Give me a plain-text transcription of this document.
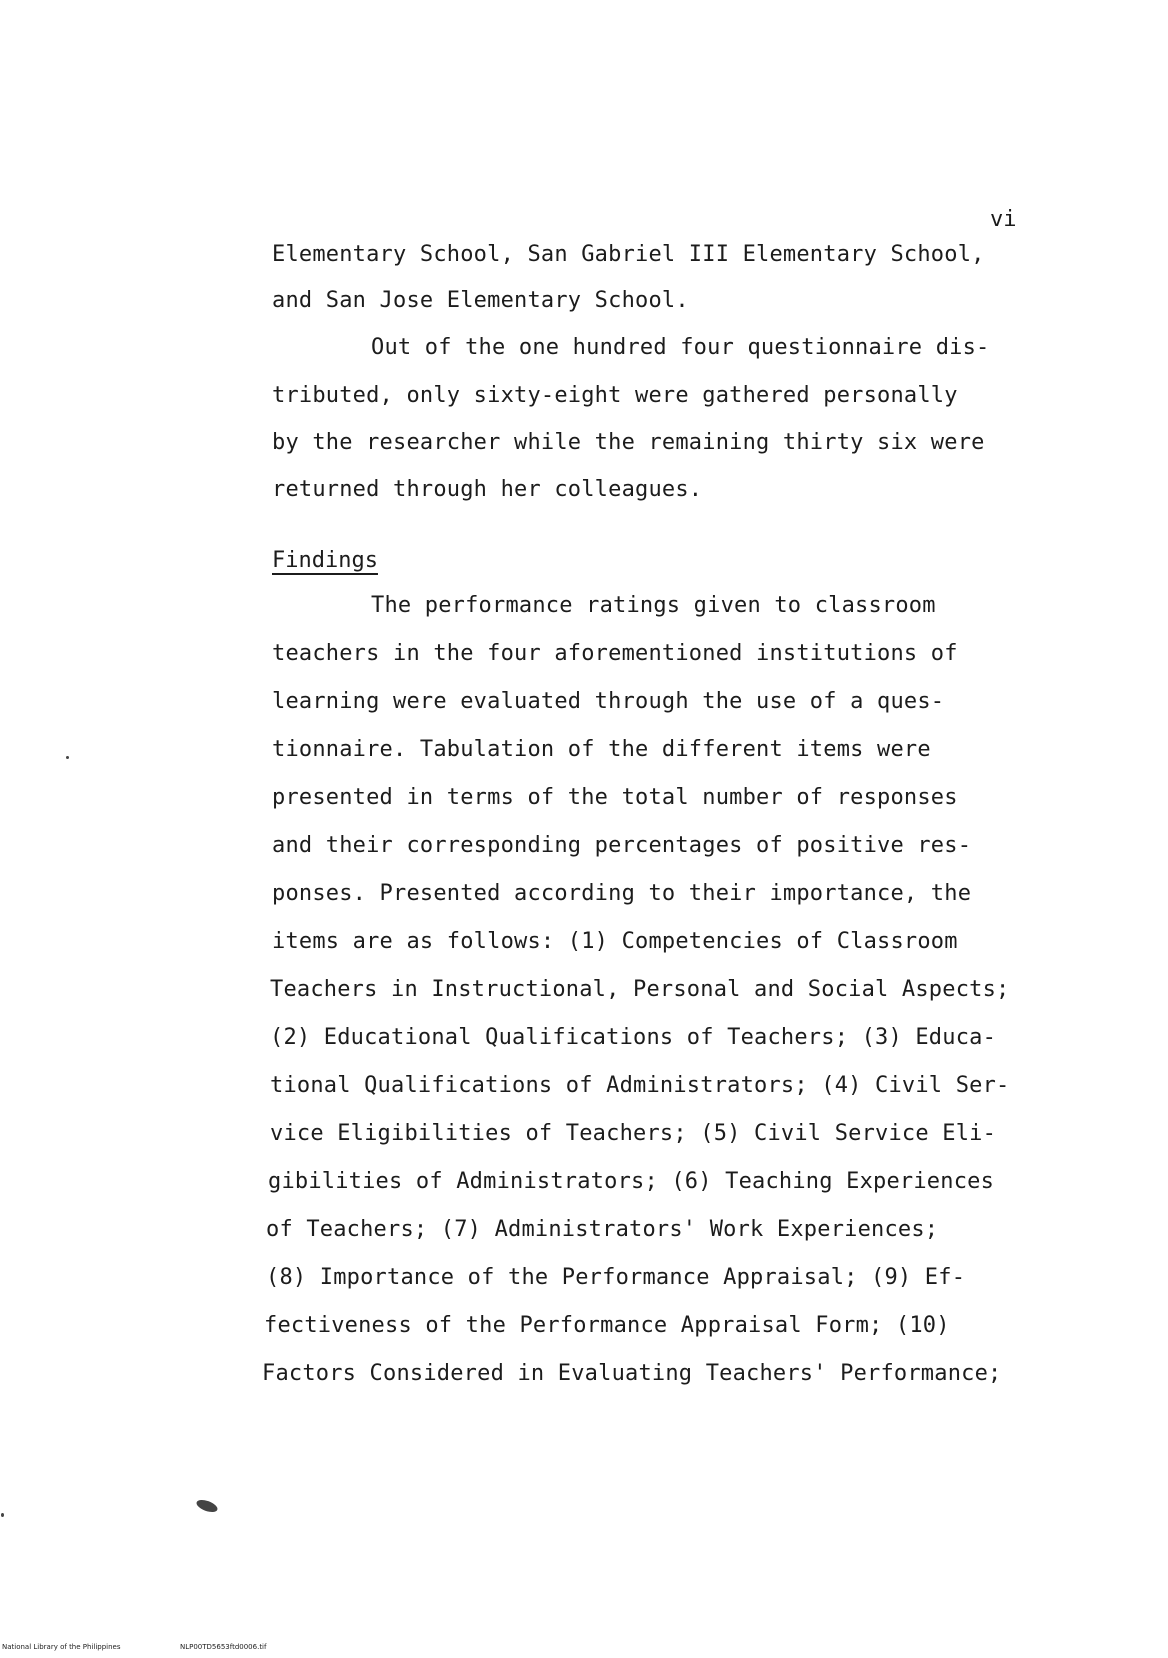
vi
Elementary School, San Gabriel III Elementary School,
and San Jose Elementary School.
Out of the one hundred four questionnaire dis-
tributed, only sixty-eight were gathered personally
by the researcher while the remaining thirty six were
returned through her colleagues.
Findings
The performance ratings given to classroom
teachers in the four aforementioned institutions of
learning were evaluated through the use of a ques-
tionnaire. Tabulation of the different items were
presented in terms of the total number of responses
and their corresponding percentages of positive res-
ponses. Presented according to their importance, the
items are as follows: (1) Competencies of Classroom
Teachers in Instructional, Personal and Social Aspects;
(2) Educational Qualifications of Teachers; (3) Educa-
tional Qualifications of Administrators; (4) Civil Ser-
vice Eligibilities of Teachers; (5) Civil Service Eli-
gibilities of Administrators; (6) Teaching Experiences
of Teachers; (7) Administrators' Work Experiences;
(8) Importance of the Performance Appraisal; (9) Ef-
fectiveness of the Performance Appraisal Form; (10)
Factors Considered in Evaluating Teachers' Performance;
National Library of the Philippines	NLP00TD5653ftd0006.tif
